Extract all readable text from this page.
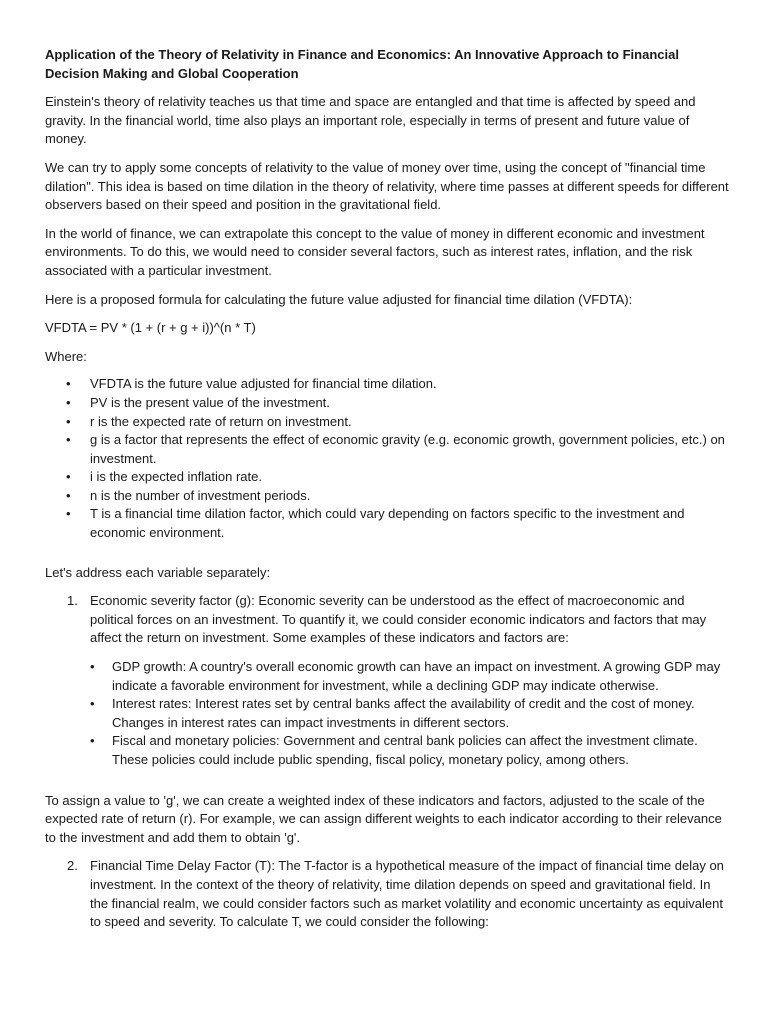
Application of the Theory of Relativity in Finance and Economics: An Innovative Approach to Financial Decision Making and Global Cooperation

Einstein's theory of relativity teaches us that time and space are entangled and that time is affected by speed and gravity. In the financial world, time also plays an important role, especially in terms of present and future value of money.

We can try to apply some concepts of relativity to the value of money over time, using the concept of "financial time dilation". This idea is based on time dilation in the theory of relativity, where time passes at different speeds for different observers based on their speed and position in the gravitational field.

In the world of finance, we can extrapolate this concept to the value of money in different economic and investment environments. To do this, we would need to consider several factors, such as interest rates, inflation, and the risk associated with a particular investment.

Here is a proposed formula for calculating the future value adjusted for financial time dilation (VFDTA):

VFDTA = PV * (1 + (r + g + i))^(n * T)

Where:

• VFDTA is the future value adjusted for financial time dilation.
• PV is the present value of the investment.
• r is the expected rate of return on investment.
• g is a factor that represents the effect of economic gravity (e.g. economic growth, government policies, etc.) on investment.
• i is the expected inflation rate.
• n is the number of investment periods.
• T is a financial time dilation factor, which could vary depending on factors specific to the investment and economic environment.

Let's address each variable separately:

1. Economic severity factor (g): Economic severity can be understood as the effect of macroeconomic and political forces on an investment. To quantify it, we could consider economic indicators and factors that may affect the return on investment. Some examples of these indicators and factors are:
• GDP growth: A country's overall economic growth can have an impact on investment. A growing GDP may indicate a favorable environment for investment, while a declining GDP may indicate otherwise.
• Interest rates: Interest rates set by central banks affect the availability of credit and the cost of money. Changes in interest rates can impact investments in different sectors.
• Fiscal and monetary policies: Government and central bank policies can affect the investment climate. These policies could include public spending, fiscal policy, monetary policy, among others.

To assign a value to 'g', we can create a weighted index of these indicators and factors, adjusted to the scale of the expected rate of return (r). For example, we can assign different weights to each indicator according to their relevance to the investment and add them to obtain 'g'.

2. Financial Time Delay Factor (T): The T-factor is a hypothetical measure of the impact of financial time delay on investment. In the context of the theory of relativity, time dilation depends on speed and gravitational field. In the financial realm, we could consider factors such as market volatility and economic uncertainty as equivalent to speed and severity. To calculate T, we could consider the following:
